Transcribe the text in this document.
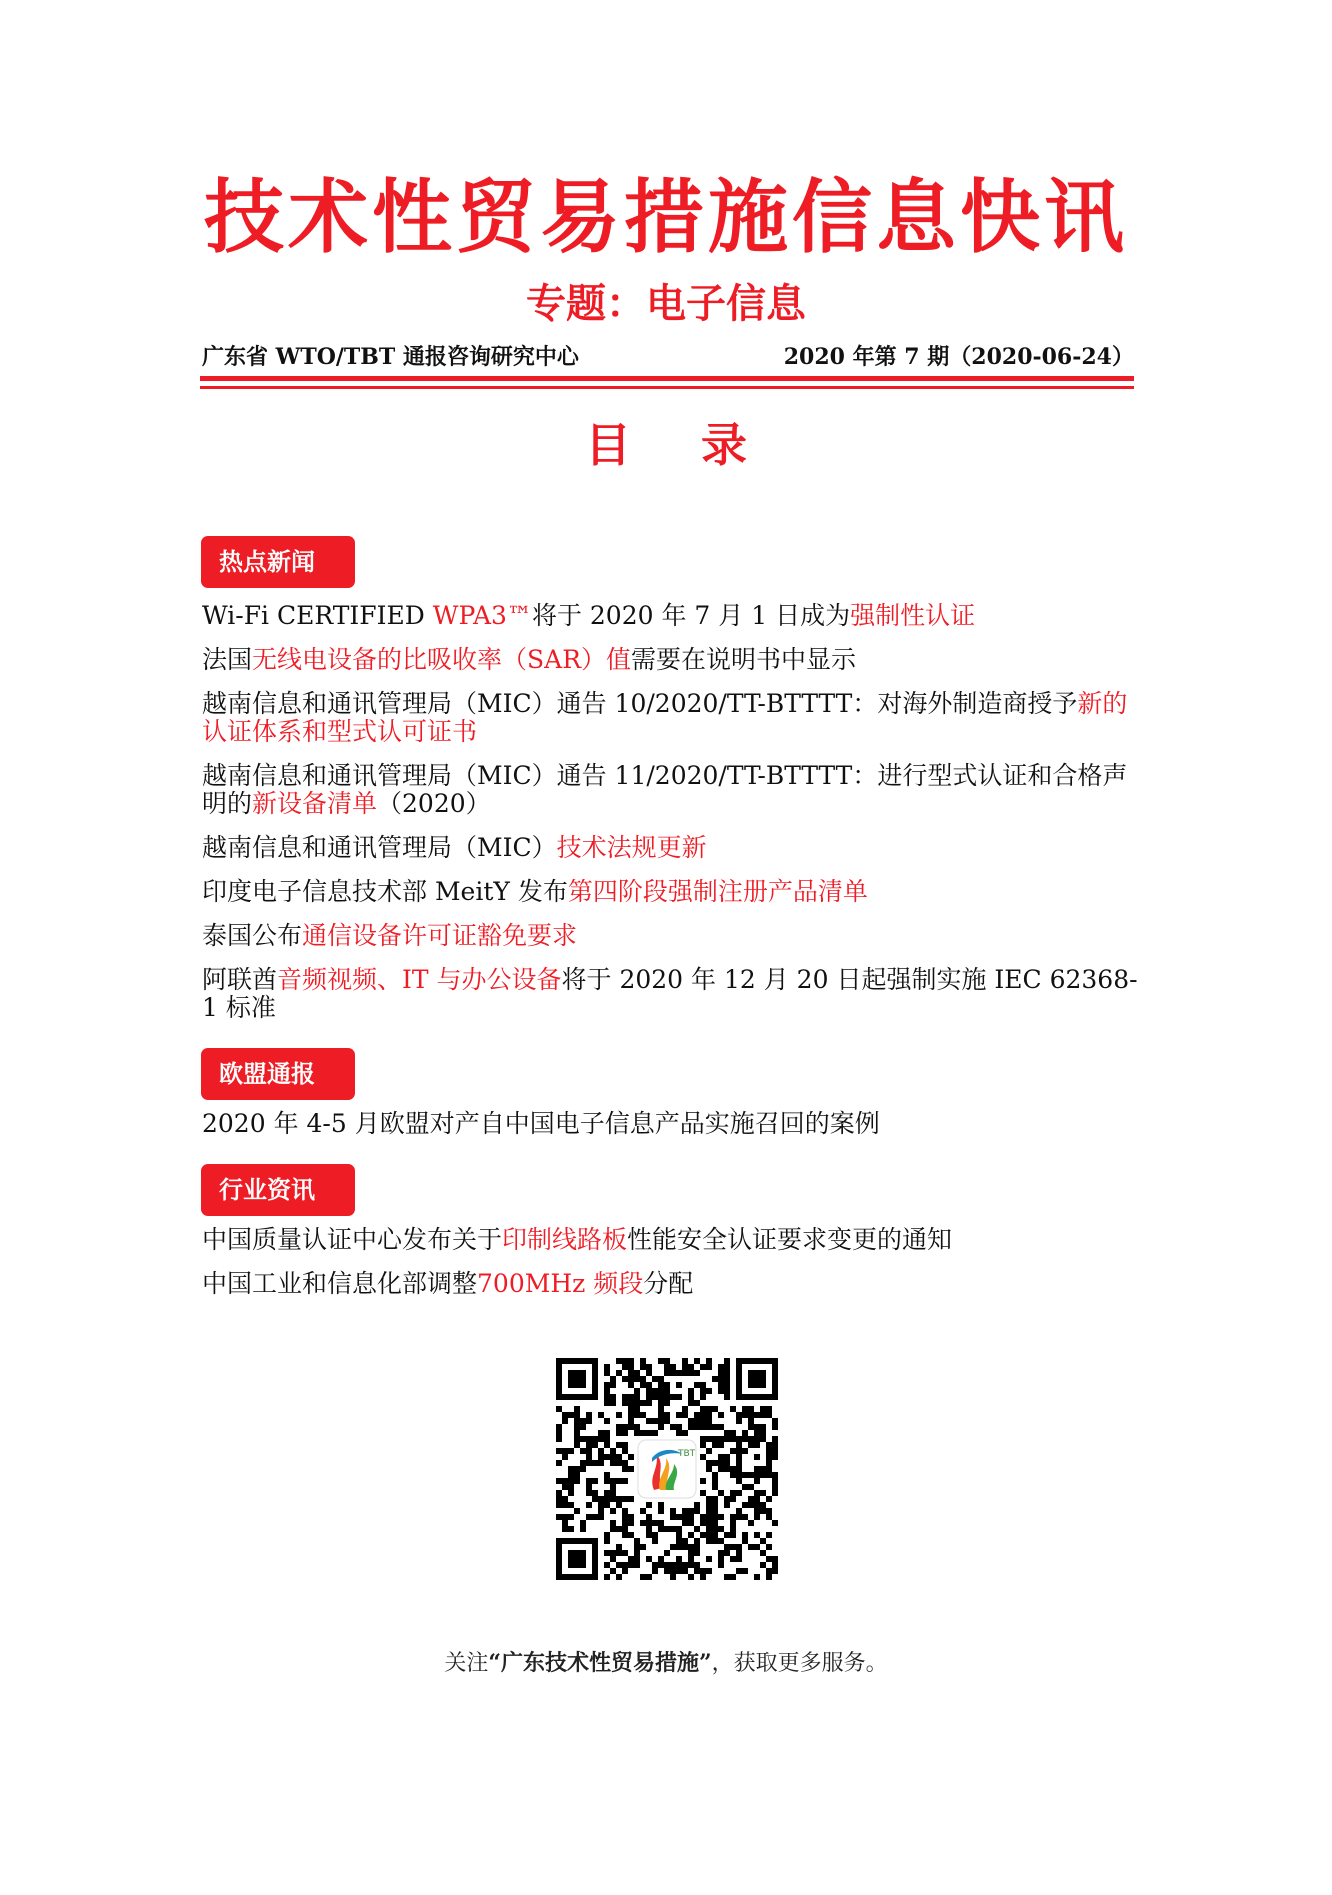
技术性贸易措施信息快讯
专题：电子信息
广东省 WTO/TBT 通报咨询研究中心	2020 年第 7 期（2020-06-24）
目 录
热点新闻
Wi-Fi CERTIFIED WPA3™将于 2020 年 7 月 1 日成为强制性认证
法国无线电设备的比吸收率（SAR）值需要在说明书中显示
越南信息和通讯管理局（MIC）通告 10/2020/TT-BTTTT：对海外制造商授予新的认证体系和型式认可证书
越南信息和通讯管理局（MIC）通告 11/2020/TT-BTTTT：进行型式认证和合格声明的新设备清单（2020）
越南信息和通讯管理局（MIC）技术法规更新
印度电子信息技术部 MeitY 发布第四阶段强制注册产品清单
泰国公布通信设备许可证豁免要求
阿联酋音频视频、IT 与办公设备将于 2020 年 12 月 20 日起强制实施 IEC 62368-1 标准
欧盟通报
2020 年 4-5 月欧盟对产自中国电子信息产品实施召回的案例
行业资讯
中国质量认证中心发布关于印制线路板性能安全认证要求变更的通知
中国工业和信息化部调整700MHz 频段分配
TBT
关注“广东技术性贸易措施”，获取更多服务。
